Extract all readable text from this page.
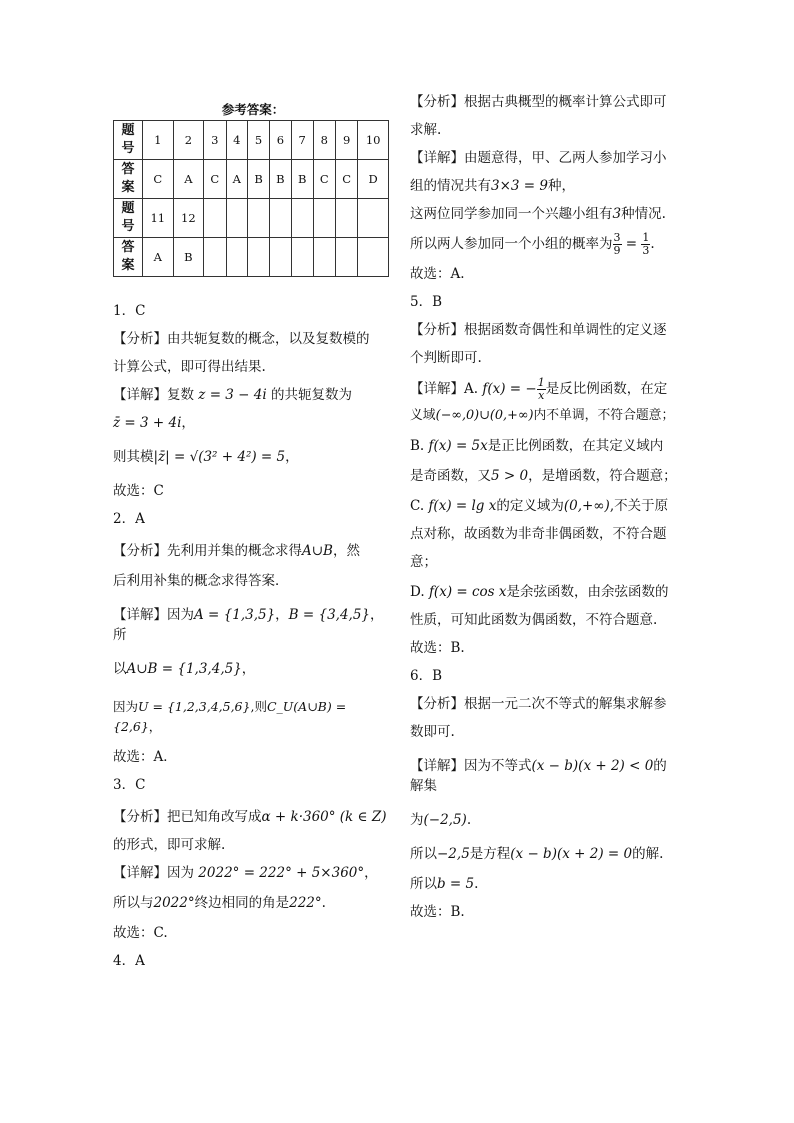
参考答案：
题
号	1	2	3	4	5	6	7	8	9	10

答
案	C	A	C	A	B	B	B	C	C	D

题
号	11	12								

答
案	A	B								

1．C

【分析】由共轭复数的概念，以及复数模的

计算公式，即可得出结果.

【详解】复数 z = 3 − 4i 的共轭复数为

z̄ = 3 + 4i，

则其模|z̄| = √(3² + 4²) = 5，

故选：C

2．A

【分析】先利用并集的概念求得A∪B，然

后利用补集的概念求得答案．

【详解】因为A = {1,3,5}，B = {3,4,5}，所

以A∪B = {1,3,4,5}，

因为U = {1,2,3,4,5,6},则C_U(A∪B) = {2,6}，

故选：A．

3．C

【分析】把已知角改写成α + k·360° (k ∈ Z)

的形式，即可求解.

【详解】因为 2022° = 222° + 5×360°，

所以与2022°终边相同的角是222°.

故选：C.

4．A

【分析】根据古典概型的概率计算公式即可

求解.

【详解】由题意得，甲、乙两人参加学习小

组的情况共有3×3 = 9种，

这两位同学参加同一个兴趣小组有3种情况.

所以两人参加同一个小组的概率为 $\frac{3}{9} = \frac{1}{3}$ .

故选：A.

5．B

【分析】根据函数奇偶性和单调性的定义逐

个判断即可.

【详解】A. f(x) = − $\frac{1}{x}$ 是反比例函数，在定

义域(−∞,0)∪(0,+∞)内不单调，不符合题意；

B. f(x) = 5x是正比例函数，在其定义域内

是奇函数，又5 > 0，是增函数，符合题意；

C. f(x) = lg x的定义域为(0,+∞),不关于原

点对称，故函数为非奇非偶函数，不符合题

意；

D. f(x) = cos x是余弦函数，由余弦函数的

性质，可知此函数为偶函数，不符合题意.

故选：B.

6．B

【分析】根据一元二次不等式的解集求解参

数即可.

【详解】因为不等式(x − b)(x + 2) < 0的解集

为(−2,5).

所以−2,5是方程(x − b)(x + 2) = 0的解.

所以b = 5.

故选：B.
